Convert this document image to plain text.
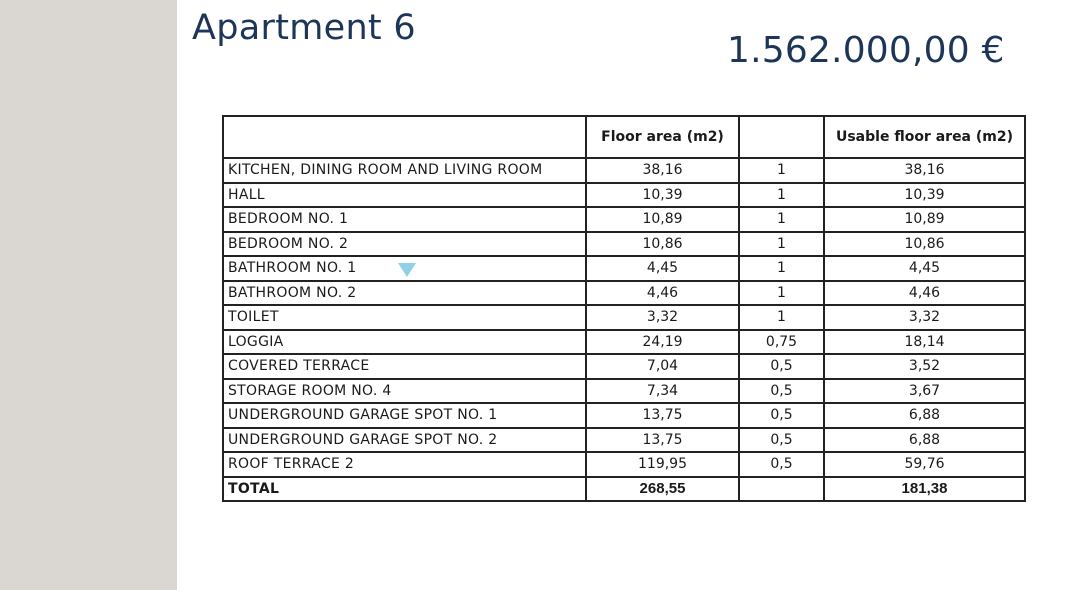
Apartment 6
1.562.000,00 €
	Floor area (m2)		Usable floor area (m2)
KITCHEN, DINING ROOM AND LIVING ROOM	38,16	1	38,16
HALL	10,39	1	10,39
BEDROOM NO. 1	10,89	1	10,89
BEDROOM NO. 2	10,86	1	10,86
BATHROOM NO. 1	4,45	1	4,45
BATHROOM NO. 2	4,46	1	4,46
TOILET	3,32	1	3,32
LOGGIA	24,19	0,75	18,14
COVERED TERRACE	7,04	0,5	3,52
STORAGE ROOM NO. 4	7,34	0,5	3,67
UNDERGROUND GARAGE SPOT NO. 1	13,75	0,5	6,88
UNDERGROUND GARAGE SPOT NO. 2	13,75	0,5	6,88
ROOF TERRACE 2	119,95	0,5	59,76
TOTAL	268,55		181,38
